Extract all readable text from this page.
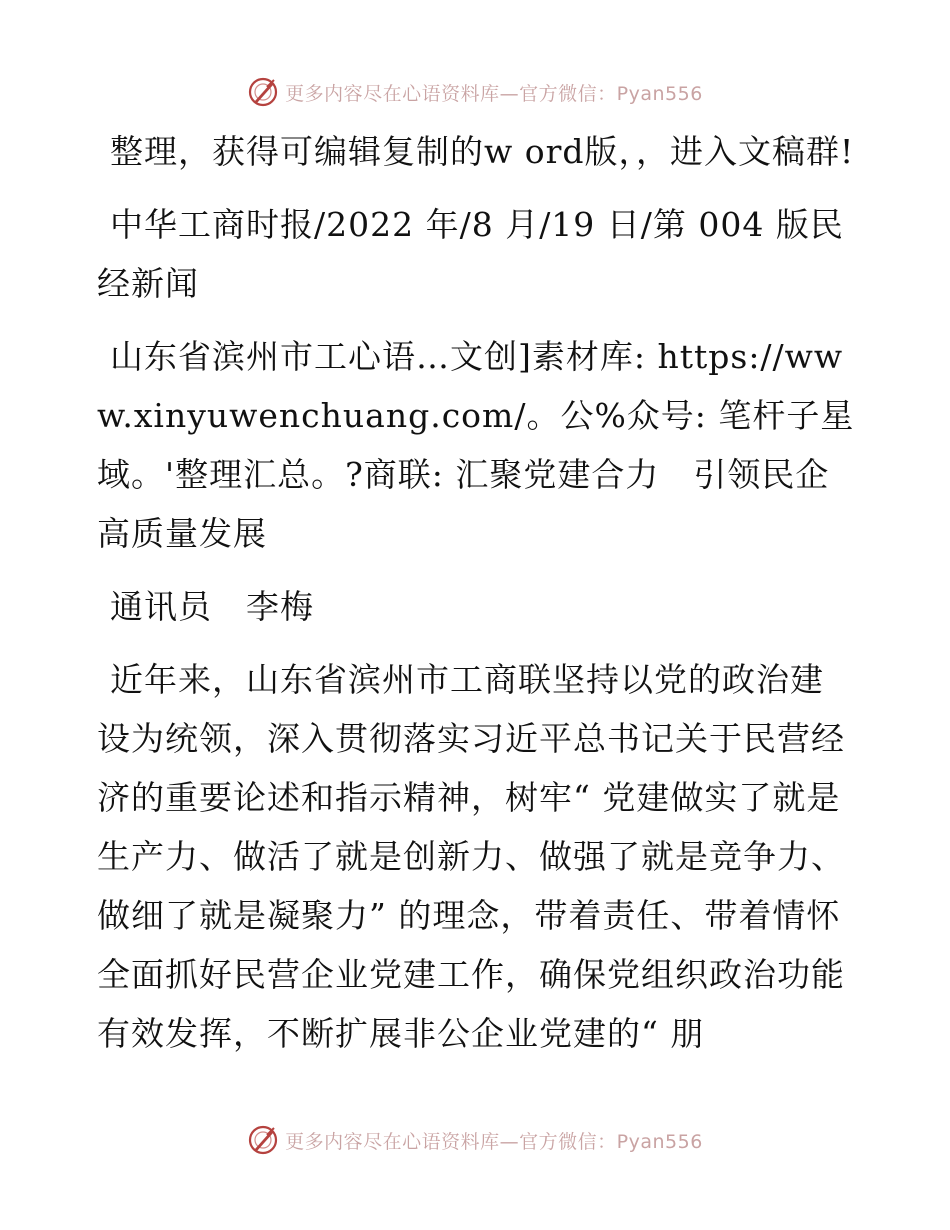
更多内容尽在心语资料库—官方微信：Pyan556

整理，获得可编辑复制的w ord版，，进入文稿群!

中华工商时报/2022 年/8 月/19 日/第 004 版民经新闻

山东省滨州市工心语…文创]素材库: https://www.xinyuwenchuang.com/。公%众号: 笔杆子星域。'整理汇总。?商联: 汇聚党建合力　引领民企高质量发展

通讯员　李梅

近年来，山东省滨州市工商联坚持以党的政治建设为统领，深入贯彻落实习近平总书记关于民营经济的重要论述和指示精神，树牢“ 党建做实了就是生产力、做活了就是创新力、做强了就是竞争力、做细了就是凝聚力” 的理念，带着责任、带着情怀全面抓好民营企业党建工作，确保党组织政治功能有效发挥，不断扩展非公企业党建的“ 朋

更多内容尽在心语资料库—官方微信：Pyan556
